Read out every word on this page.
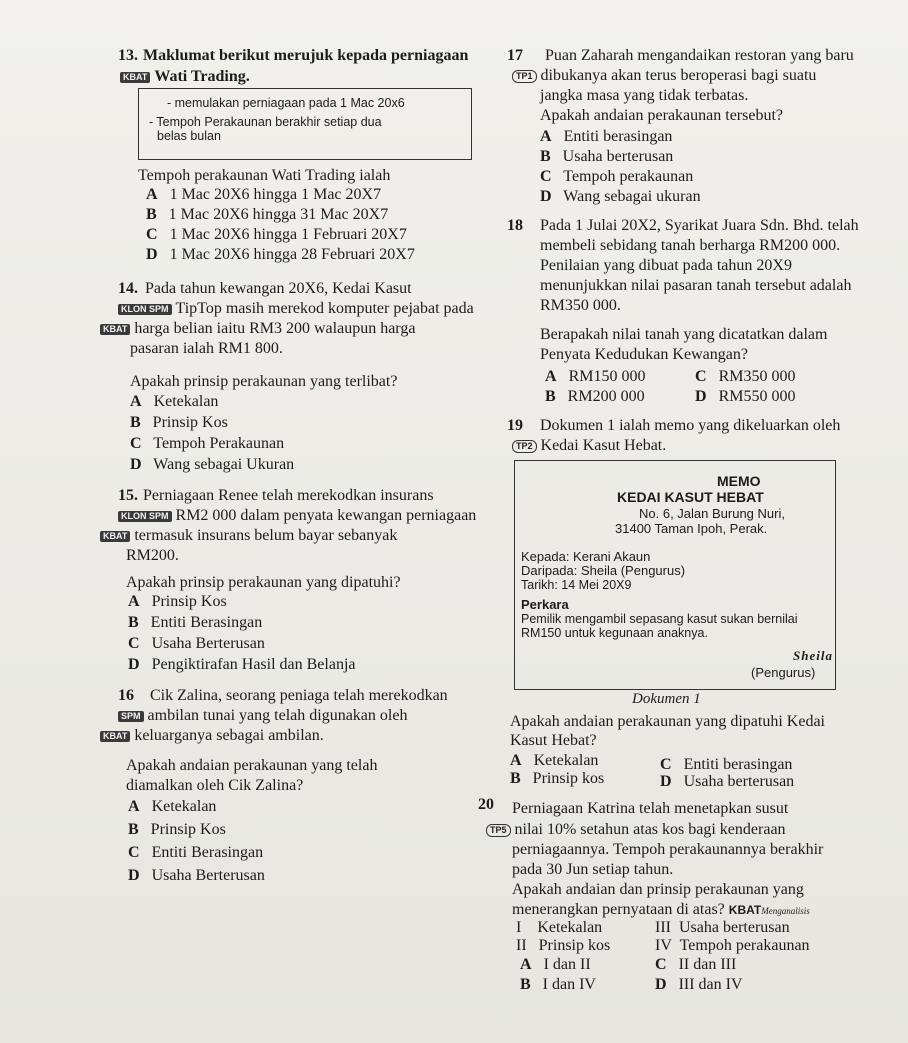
13. Maklumat berikut merujuk kepada perniagaan
KBAT Wati Trading.
- memulakan perniagaan pada 1 Mac 20x6
- Tempoh Perakaunan berakhir setiap dua
belas bulan
Tempoh perakaunan Wati Trading ialah
A 1 Mac 20X6 hingga 1 Mac 20X7
B 1 Mac 20X6 hingga 31 Mac 20X7
C 1 Mac 20X6 hingga 1 Februari 20X7
D 1 Mac 20X6 hingga 28 Februari 20X7
14. Pada tahun kewangan 20X6, Kedai Kasut
KLON SPM TipTop masih merekod komputer pejabat pada
KBAT harga belian iaitu RM3 200 walaupun harga
pasaran ialah RM1 800.
Apakah prinsip perakaunan yang terlibat?
A Ketekalan
B Prinsip Kos
C Tempoh Perakaunan
D Wang sebagai Ukuran
15. Perniagaan Renee telah merekodkan insurans
KLON SPM RM2 000 dalam penyata kewangan perniagaan
KBAT termasuk insurans belum bayar sebanyak
RM200.
Apakah prinsip perakaunan yang dipatuhi?
A Prinsip Kos
B Entiti Berasingan
C Usaha Berterusan
D Pengiktirafan Hasil dan Belanja
16 Cik Zalina, seorang peniaga telah merekodkan
SPM ambilan tunai yang telah digunakan oleh
KBAT keluarganya sebagai ambilan.
Apakah andaian perakaunan yang telah
diamalkan oleh Cik Zalina?
A Ketekalan
B Prinsip Kos
C Entiti Berasingan
D Usaha Berterusan
17 Puan Zaharah mengandaikan restoran yang baru
TP1 dibukanya akan terus beroperasi bagi suatu
jangka masa yang tidak terbatas.
Apakah andaian perakaunan tersebut?
A Entiti berasingan
B Usaha berterusan
C Tempoh perakaunan
D Wang sebagai ukuran
18 Pada 1 Julai 20X2, Syarikat Juara Sdn. Bhd. telah
membeli sebidang tanah berharga RM200 000.
Penilaian yang dibuat pada tahun 20X9
menunjukkan nilai pasaran tanah tersebut adalah
RM350 000.
Berapakah nilai tanah yang dicatatkan dalam
Penyata Kedudukan Kewangan?
A RM150 000	C RM350 000
B RM200 000	D RM550 000
19 Dokumen 1 ialah memo yang dikeluarkan oleh
TP2 Kedai Kasut Hebat.
MEMO
KEDAI KASUT HEBAT
No. 6, Jalan Burung Nuri,
31400 Taman Ipoh, Perak.
Kepada: Kerani Akaun
Daripada: Sheila (Pengurus)
Tarikh: 14 Mei 20X9
Perkara
Pemilik mengambil sepasang kasut sukan bernilai
RM150 untuk kegunaan anaknya.
Sheila
(Pengurus)
Dokumen 1
Apakah andaian perakaunan yang dipatuhi Kedai
Kasut Hebat?
A Ketekalan	C Entiti berasingan
B Prinsip kos	D Usaha berterusan
20 Perniagaan Katrina telah menetapkan susut
TP5 nilai 10% setahun atas kos bagi kenderaan
perniagaannya. Tempoh perakaunannya berakhir
pada 30 Jun setiap tahun.
Apakah andaian dan prinsip perakaunan yang
menerangkan pernyataan di atas? KBATMenganalisis
I Ketekalan	III Usaha berterusan
II Prinsip kos	IV Tempoh perakaunan
A I dan II	C II dan III
B I dan IV	D III dan IV
